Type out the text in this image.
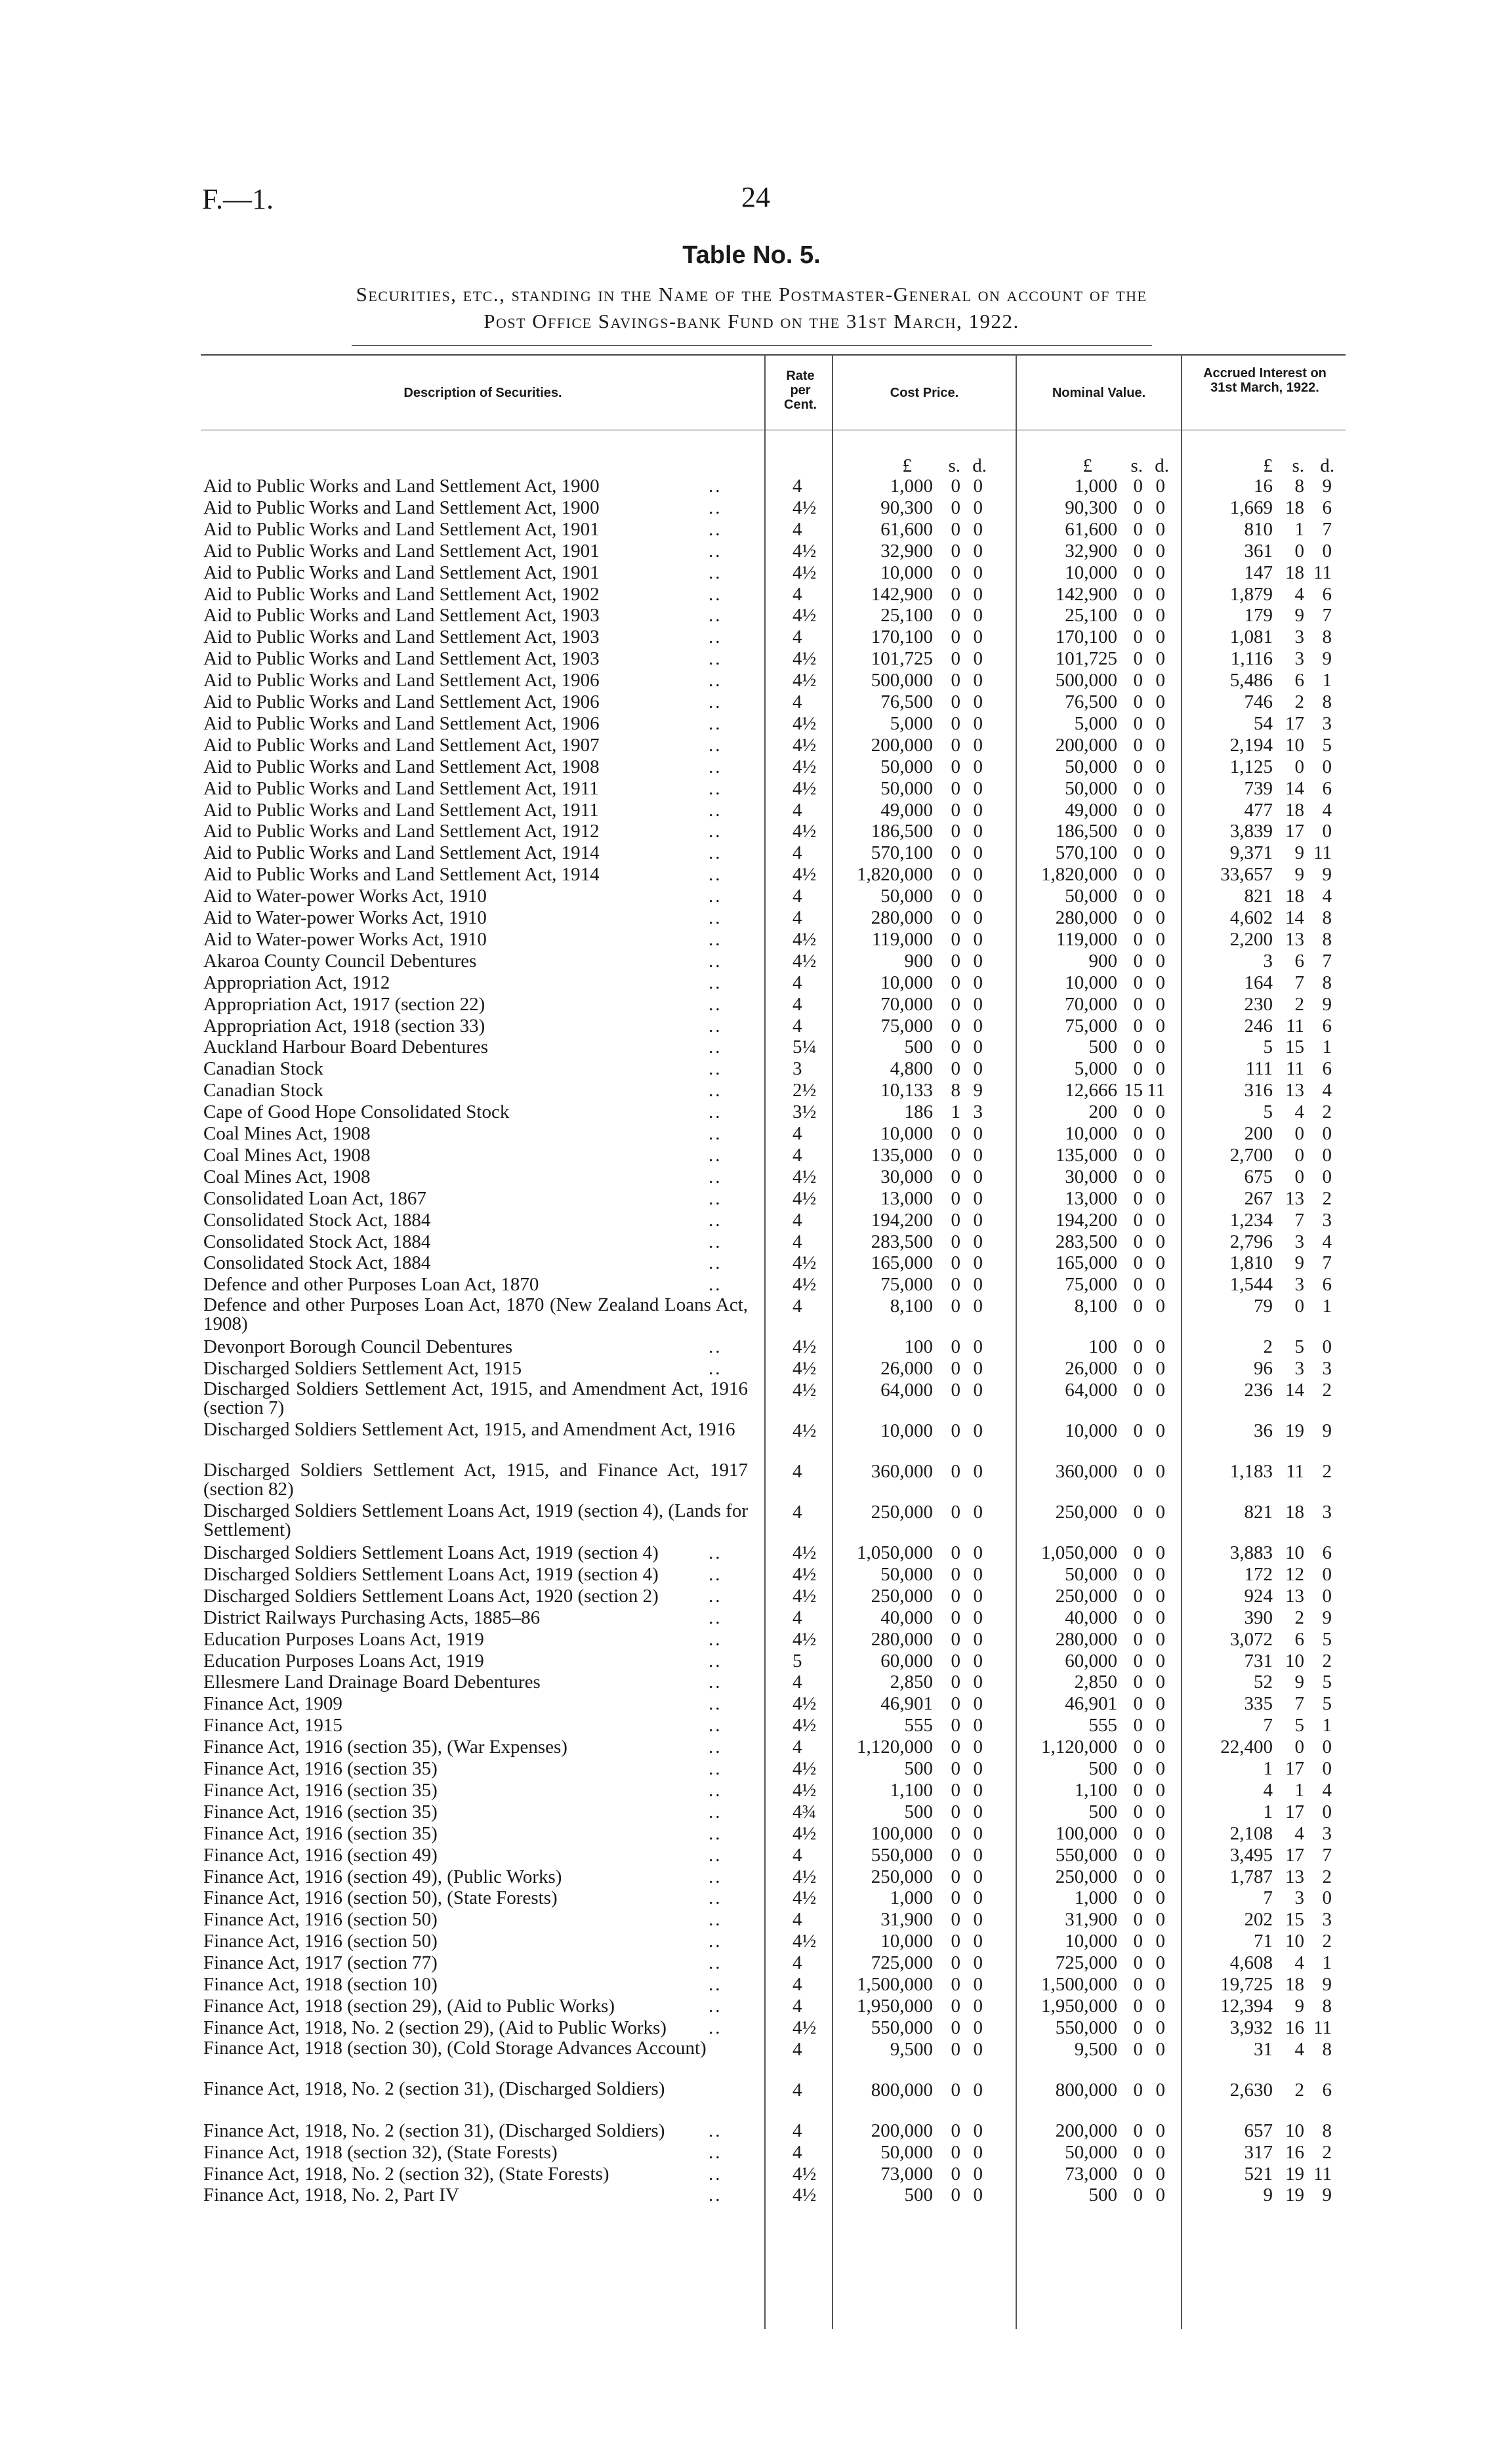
F.—1.	24
Table No. 5.
Securities, etc., standing in the Name of the Postmaster-General on account of the
Post Office Savings-bank Fund on the 31st March, 1922.
Description of Securities.
Rate per Cent.
Cost Price.	Nominal Value.
Accrued Interest on 31st March, 1922.
£	s. d.	£	s. d.	£	s. d.
Aid to Public Works and Land Settlement Act, 1900	4	1,000 0 0	1,000 0 0	16	8 9
..
Aid to Public Works and Land Settlement Act, 1900	4½	90,300 0 0	90,300 0 0	1,669 18 6
..
Aid to Public Works and Land Settlement Act, 1901	4	61,600 0 0	61,600 0 0	810	1 7
..
Aid to Public Works and Land Settlement Act, 1901	4½	32,900 0 0	32,900 0 0	361	0 0
..
Aid to Public Works and Land Settlement Act, 1901	4½	10,000 0 0	10,000 0 0	147 18 11
..
Aid to Public Works and Land Settlement Act, 1902	4	142,900 0 0	142,900 0 0	1,879	4 6
..
Aid to Public Works and Land Settlement Act, 1903	4½	25,100 0 0	25,100 0 0	179	9 7
..
Aid to Public Works and Land Settlement Act, 1903	4	170,100 0 0	170,100 0 0	1,081	3 8
..
Aid to Public Works and Land Settlement Act, 1903	4½	101,725 0 0	101,725 0 0	1,116	3 9
..
Aid to Public Works and Land Settlement Act, 1906	4½	500,000 0 0	500,000 0 0	5,486	6 1
..
Aid to Public Works and Land Settlement Act, 1906	4	76,500 0 0	76,500 0 0	746	2 8
..
Aid to Public Works and Land Settlement Act, 1906	4½	5,000 0 0	5,000 0 0	54 17 3
..
Aid to Public Works and Land Settlement Act, 1907	4½	200,000 0 0	200,000 0 0	2,194 10 5
..
Aid to Public Works and Land Settlement Act, 1908	4½	50,000 0 0	50,000 0 0	1,125	0 0
..
Aid to Public Works and Land Settlement Act, 1911	4½	50,000 0 0	50,000 0 0	739 14 6
..
Aid to Public Works and Land Settlement Act, 1911	4	49,000 0 0	49,000 0 0	477 18 4
..
Aid to Public Works and Land Settlement Act, 1912	4½	186,500 0 0	186,500 0 0	3,839 17 0
..
Aid to Public Works and Land Settlement Act, 1914	4	570,100 0 0	570,100 0 0	9,371	9 11
..
Aid to Public Works and Land Settlement Act, 1914	4½	1,820,000 0 0	1,820,000 0 0	33,657	9 9
..
Aid to Water-power Works Act, 1910	4	50,000 0 0	50,000 0 0	821 18 4
..
Aid to Water-power Works Act, 1910	4	280,000 0 0	280,000 0 0	4,602 14 8
..
Aid to Water-power Works Act, 1910	4½	119,000 0 0	119,000 0 0	2,200 13 8
..
Akaroa County Council Debentures	4½	900 0 0	900 0 0	3	6 7
..
Appropriation Act, 1912	4	10,000 0 0	10,000 0 0	164	7 8
..
Appropriation Act, 1917 (section 22)	4	70,000 0 0	70,000 0 0	230	2 9
..
Appropriation Act, 1918 (section 33)	4	75,000 0 0	75,000 0 0	246 11 6
..
Auckland Harbour Board Debentures	5¼	500 0 0	500 0 0	5 15 1
..
Canadian Stock	3	4,800 0 0	5,000 0 0	111 11 6
..
Canadian Stock	2½	10,133 8 9	12,666 15 11	316 13 4
..
Cape of Good Hope Consolidated Stock	3½	186 1 3	200 0 0	5	4 2
..
Coal Mines Act, 1908	4	10,000 0 0	10,000 0 0	200	0 0
..
Coal Mines Act, 1908	4	135,000 0 0	135,000 0 0	2,700	0 0
..
Coal Mines Act, 1908	4½	30,000 0 0	30,000 0 0	675	0 0
..
Consolidated Loan Act, 1867	4½	13,000 0 0	13,000 0 0	267 13 2
..
Consolidated Stock Act, 1884	4	194,200 0 0	194,200 0 0	1,234	7 3
..
Consolidated Stock Act, 1884	4	283,500 0 0	283,500 0 0	2,796	3 4
..
Consolidated Stock Act, 1884	4½	165,000 0 0	165,000 0 0	1,810	9 7
..
Defence and other Purposes Loan Act, 1870	4½	75,000 0 0	75,000 0 0	1,544	3 6
..
Defence and other Purposes Loan Act, 1870 (New Zealand Loans Act, 1908)
4	8,100 0 0	8,100 0 0	79	0 1
Devonport Borough Council Debentures	4½	100 0 0	100 0 0	2	5 0
..
Discharged Soldiers Settlement Act, 1915	4½	26,000 0 0	26,000 0 0	96	3 3
..
Discharged Soldiers Settlement Act, 1915, and Amendment Act, 1916 (section 7)
4½	64,000 0 0	64,000 0 0	236 14 2
Discharged Soldiers Settlement Act, 1915, and Amendment Act, 1916	4½	10,000 0 0	10,000 0 0	36 19 9
Discharged Soldiers Settlement Act, 1915, and Finance Act, 1917 (section 82)
4	360,000 0 0	360,000 0 0	1,183 11 2
Discharged Soldiers Settlement Loans Act, 1919 (section 4), (Lands for Settlement)
4	250,000 0 0	250,000 0 0	821 18 3
Discharged Soldiers Settlement Loans Act, 1919 (section 4)	4½	1,050,000 0 0	1,050,000 0 0	3,883 10 6
..
Discharged Soldiers Settlement Loans Act, 1919 (section 4)	4½	50,000 0 0	50,000 0 0	172 12 0
..
Discharged Soldiers Settlement Loans Act, 1920 (section 2)	4½	250,000 0 0	250,000 0 0	924 13 0
..
District Railways Purchasing Acts, 1885–86	4	40,000 0 0	40,000 0 0	390	2 9
..
Education Purposes Loans Act, 1919	4½	280,000 0 0	280,000 0 0	3,072	6 5
..
Education Purposes Loans Act, 1919	5	60,000 0 0	60,000 0 0	731 10 2
..
Ellesmere Land Drainage Board Debentures	4	2,850 0 0	2,850 0 0	52	9 5
..
Finance Act, 1909	4½	46,901 0 0	46,901 0 0	335	7 5
..
Finance Act, 1915	4½	555 0 0	555 0 0	7	5 1
..
Finance Act, 1916 (section 35), (War Expenses)	4	1,120,000 0 0	1,120,000 0 0	22,400	0 0
..
Finance Act, 1916 (section 35)	4½	500 0 0	500 0 0	1 17 0
..
Finance Act, 1916 (section 35)	4½	1,100 0 0	1,100 0 0	4	1 4
..
Finance Act, 1916 (section 35)	4¾	500 0 0	500 0 0	1 17 0
..
Finance Act, 1916 (section 35)	4½	100,000 0 0	100,000 0 0	2,108	4 3
..
Finance Act, 1916 (section 49)	4	550,000 0 0	550,000 0 0	3,495 17 7
..
Finance Act, 1916 (section 49), (Public Works)	4½	250,000 0 0	250,000 0 0	1,787 13 2
..
Finance Act, 1916 (section 50), (State Forests)	4½	1,000 0 0	1,000 0 0	7	3 0
..
Finance Act, 1916 (section 50)	4	31,900 0 0	31,900 0 0	202 15 3
..
Finance Act, 1916 (section 50)	4½	10,000 0 0	10,000 0 0	71 10 2
..
Finance Act, 1917 (section 77)	4	725,000 0 0	725,000 0 0	4,608	4 1
..
Finance Act, 1918 (section 10)	4	1,500,000 0 0	1,500,000 0 0	19,725 18 9
..
Finance Act, 1918 (section 29), (Aid to Public Works)	4	1,950,000 0 0	1,950,000 0 0	12,394	9 8
..
Finance Act, 1918, No. 2 (section 29), (Aid to Public Works)	4½	550,000 0 0	550,000 0 0	3,932 16 11
..
Finance Act, 1918 (section 30), (Cold Storage Advances Account)	4	9,500 0 0	9,500 0 0	31	4 8
Finance Act, 1918, No. 2 (section 31), (Discharged Soldiers)	4	800,000 0 0	800,000 0 0	2,630	2 6
Finance Act, 1918, No. 2 (section 31), (Discharged Soldiers)	4	200,000 0 0	200,000 0 0	657 10 8
..
Finance Act, 1918 (section 32), (State Forests)	4	50,000 0 0	50,000 0 0	317 16 2
..
Finance Act, 1918, No. 2 (section 32), (State Forests)	4½	73,000 0 0	73,000 0 0	521 19 11
..
Finance Act, 1918, No. 2, Part IV	4½	500 0 0	500 0 0	9 19 9
..
